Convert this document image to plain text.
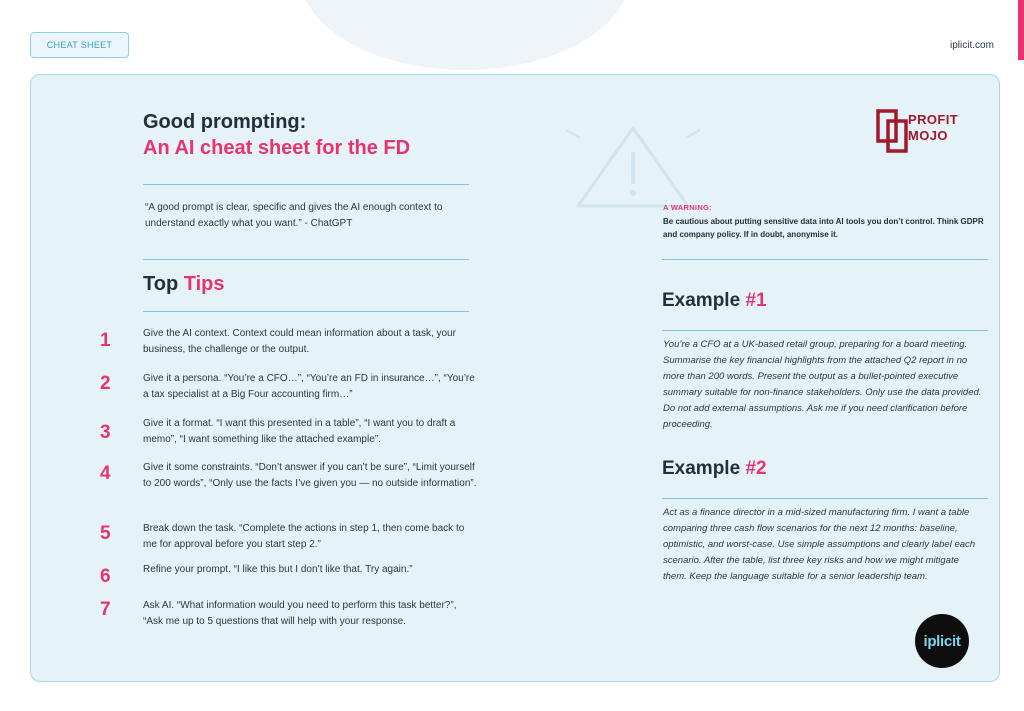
CHEAT SHEET	iplicit.com
Good prompting:
An AI cheat sheet for the FD
“A good prompt is clear, specific and gives the AI enough context to understand exactly what you want.” - ChatGPT
Top Tips
1	Give the AI context. Context could mean information about a task, your business, the challenge or the output.
2	Give it a persona. “You’re a CFO…”, “You’re an FD in insurance…”, “You’re a tax specialist at a Big Four accounting firm…”
3	Give it a format. “I want this presented in a table”, “I want you to draft a memo”, “I want something like the attached example”.
4	Give it some constraints. “Don’t answer if you can’t be sure”, “Limit yourself to 200 words”, “Only use the facts I’ve given you — no outside information”.
5	Break down the task. “Complete the actions in step 1, then come back to me for approval before you start step 2.”
6	Refine your prompt. “I like this but I don’t like that. Try again.”
7	Ask AI. “What information would you need to perform this task better?”, “Ask me up to 5 questions that will help with your response.
PROFIT
MOJO
A WARNING:
Be cautious about putting sensitive data into AI tools you don’t control. Think GDPR and company policy. If in doubt, anonymise it.
Example #1
You’re a CFO at a UK-based retail group, preparing for a board meeting. Summarise the key financial highlights from the attached Q2 report in no more than 200 words. Present the output as a bullet-pointed executive summary suitable for non-finance stakeholders. Only use the data provided. Do not add external assumptions. Ask me if you need clarification before proceeding.
Example #2
Act as a finance director in a mid-sized manufacturing firm. I want a table comparing three cash flow scenarios for the next 12 months: baseline, optimistic, and worst-case. Use simple assumptions and clearly label each scenario. After the table, list three key risks and how we might mitigate them. Keep the language suitable for a senior leadership team.
iplicit
